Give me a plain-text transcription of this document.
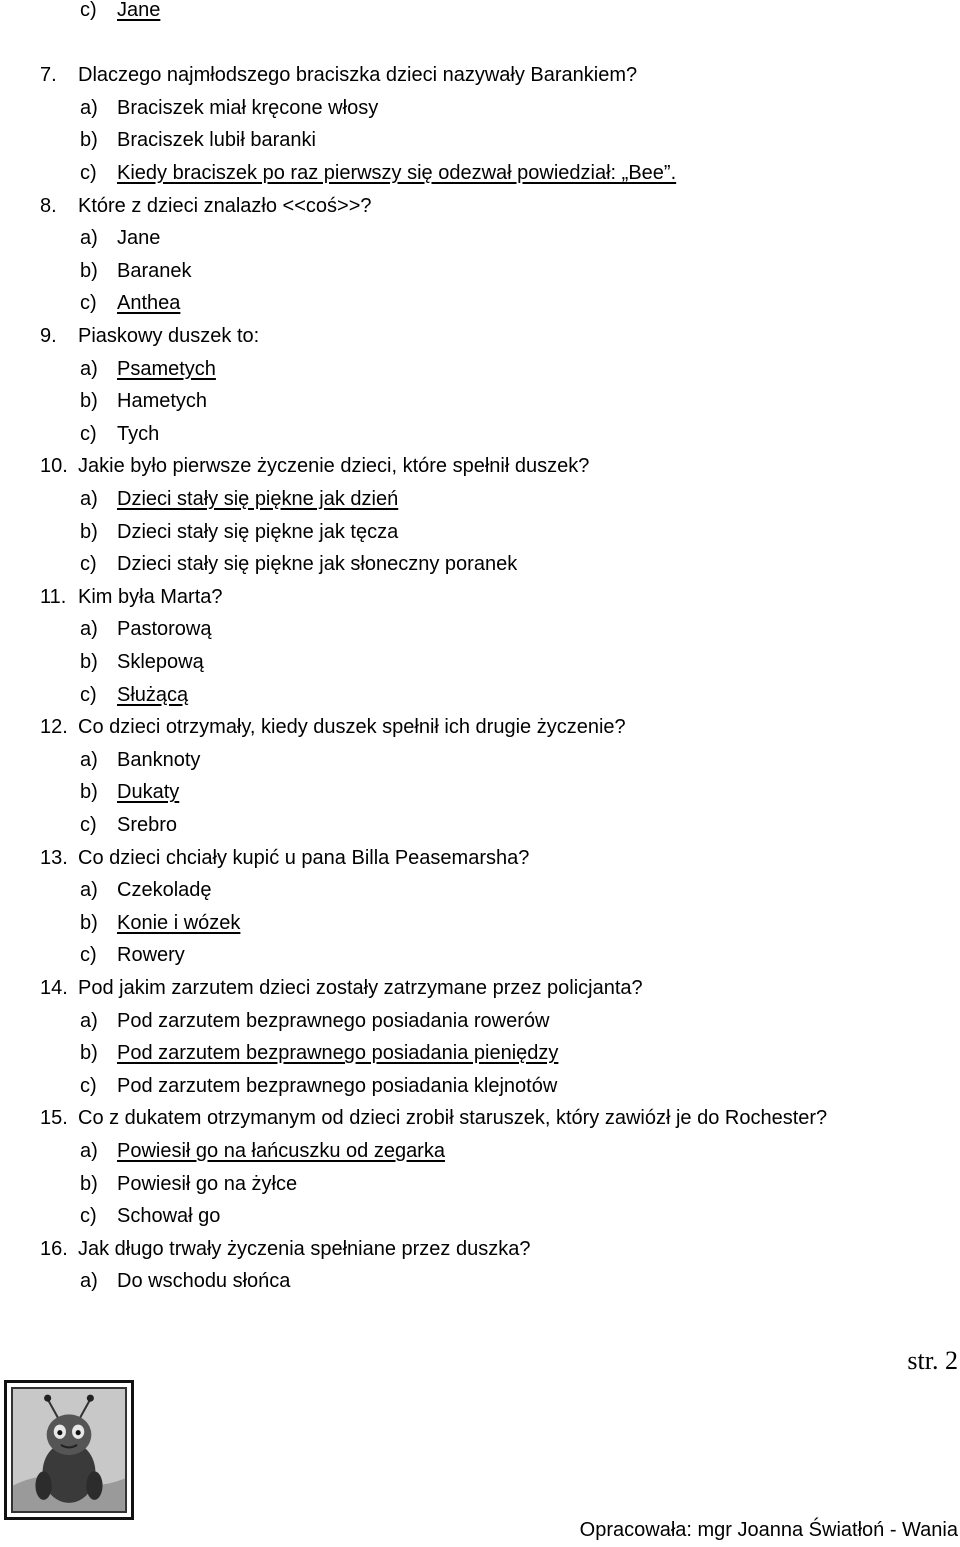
c) Jane
7. Dlaczego najmłodszego braciszka dzieci nazywały Barankiem?
a) Braciszek miał kręcone włosy
b) Braciszek lubił baranki
c) Kiedy braciszek po raz pierwszy się odezwał powiedział: „Bee”.
8. Które z dzieci znalazło <<coś>>?
a) Jane
b) Baranek
c) Anthea
9. Piaskowy duszek to:
a) Psametych
b) Hametych
c) Tych
10. Jakie było pierwsze życzenie dzieci, które spełnił duszek?
a) Dzieci stały się piękne jak dzień
b) Dzieci stały się piękne jak tęcza
c) Dzieci stały się piękne jak słoneczny poranek
11. Kim była Marta?
a) Pastorową
b) Sklepową
c) Służącą
12. Co dzieci otrzymały, kiedy duszek spełnił ich drugie życzenie?
a) Banknoty
b) Dukaty
c) Srebro
13. Co dzieci chciały kupić u pana Billa Peasemarsha?
a) Czekoladę
b) Konie i wózek
c) Rowery
14. Pod jakim zarzutem dzieci zostały zatrzymane przez policjanta?
a) Pod zarzutem bezprawnego posiadania rowerów
b) Pod zarzutem bezprawnego posiadania pieniędzy
c) Pod zarzutem bezprawnego posiadania klejnotów
15. Co z dukatem otrzymanym od dzieci zrobił staruszek, który zawiózł je do Rochester?
a) Powiesił go na łańcuszku od zegarka
b) Powiesił go na żyłce
c) Schował go
16. Jak długo trwały życzenia spełniane przez duszka?
a) Do wschodu słońca
str. 2
Opracowała: mgr Joanna Światłoń - Wania
